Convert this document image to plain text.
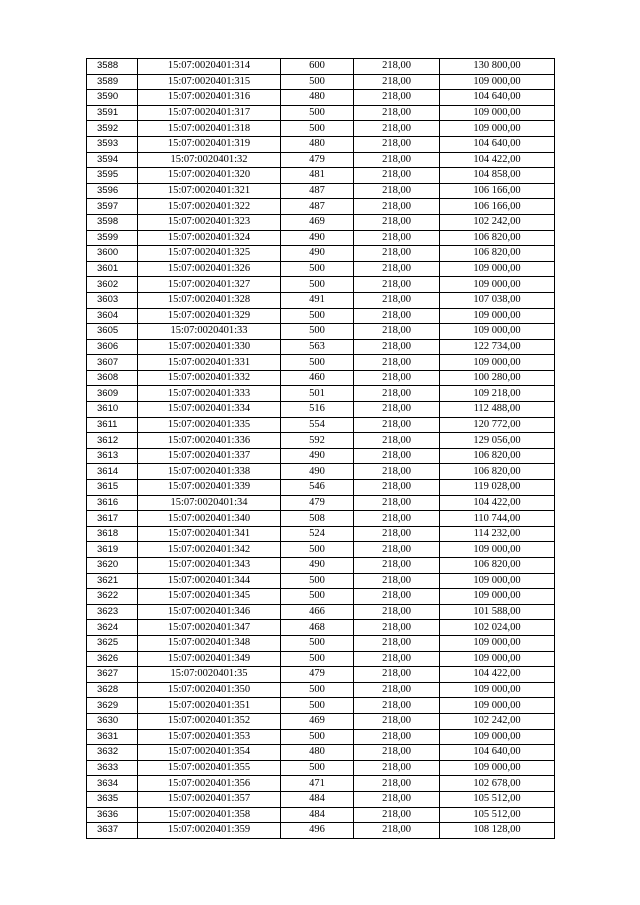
3588	15:07:0020401:314	600	218,00	130 800,00
3589	15:07:0020401:315	500	218,00	109 000,00
3590	15:07:0020401:316	480	218,00	104 640,00
3591	15:07:0020401:317	500	218,00	109 000,00
3592	15:07:0020401:318	500	218,00	109 000,00
3593	15:07:0020401:319	480	218,00	104 640,00
3594	15:07:0020401:32	479	218,00	104 422,00
3595	15:07:0020401:320	481	218,00	104 858,00
3596	15:07:0020401:321	487	218,00	106 166,00
3597	15:07:0020401:322	487	218,00	106 166,00
3598	15:07:0020401:323	469	218,00	102 242,00
3599	15:07:0020401:324	490	218,00	106 820,00
3600	15:07:0020401:325	490	218,00	106 820,00
3601	15:07:0020401:326	500	218,00	109 000,00
3602	15:07:0020401:327	500	218,00	109 000,00
3603	15:07:0020401:328	491	218,00	107 038,00
3604	15:07:0020401:329	500	218,00	109 000,00
3605	15:07:0020401:33	500	218,00	109 000,00
3606	15:07:0020401:330	563	218,00	122 734,00
3607	15:07:0020401:331	500	218,00	109 000,00
3608	15:07:0020401:332	460	218,00	100 280,00
3609	15:07:0020401:333	501	218,00	109 218,00
3610	15:07:0020401:334	516	218,00	112 488,00
3611	15:07:0020401:335	554	218,00	120 772,00
3612	15:07:0020401:336	592	218,00	129 056,00
3613	15:07:0020401:337	490	218,00	106 820,00
3614	15:07:0020401:338	490	218,00	106 820,00
3615	15:07:0020401:339	546	218,00	119 028,00
3616	15:07:0020401:34	479	218,00	104 422,00
3617	15:07:0020401:340	508	218,00	110 744,00
3618	15:07:0020401:341	524	218,00	114 232,00
3619	15:07:0020401:342	500	218,00	109 000,00
3620	15:07:0020401:343	490	218,00	106 820,00
3621	15:07:0020401:344	500	218,00	109 000,00
3622	15:07:0020401:345	500	218,00	109 000,00
3623	15:07:0020401:346	466	218,00	101 588,00
3624	15:07:0020401:347	468	218,00	102 024,00
3625	15:07:0020401:348	500	218,00	109 000,00
3626	15:07:0020401:349	500	218,00	109 000,00
3627	15:07:0020401:35	479	218,00	104 422,00
3628	15:07:0020401:350	500	218,00	109 000,00
3629	15:07:0020401:351	500	218,00	109 000,00
3630	15:07:0020401:352	469	218,00	102 242,00
3631	15:07:0020401:353	500	218,00	109 000,00
3632	15:07:0020401:354	480	218,00	104 640,00
3633	15:07:0020401:355	500	218,00	109 000,00
3634	15:07:0020401:356	471	218,00	102 678,00
3635	15:07:0020401:357	484	218,00	105 512,00
3636	15:07:0020401:358	484	218,00	105 512,00
3637	15:07:0020401:359	496	218,00	108 128,00
